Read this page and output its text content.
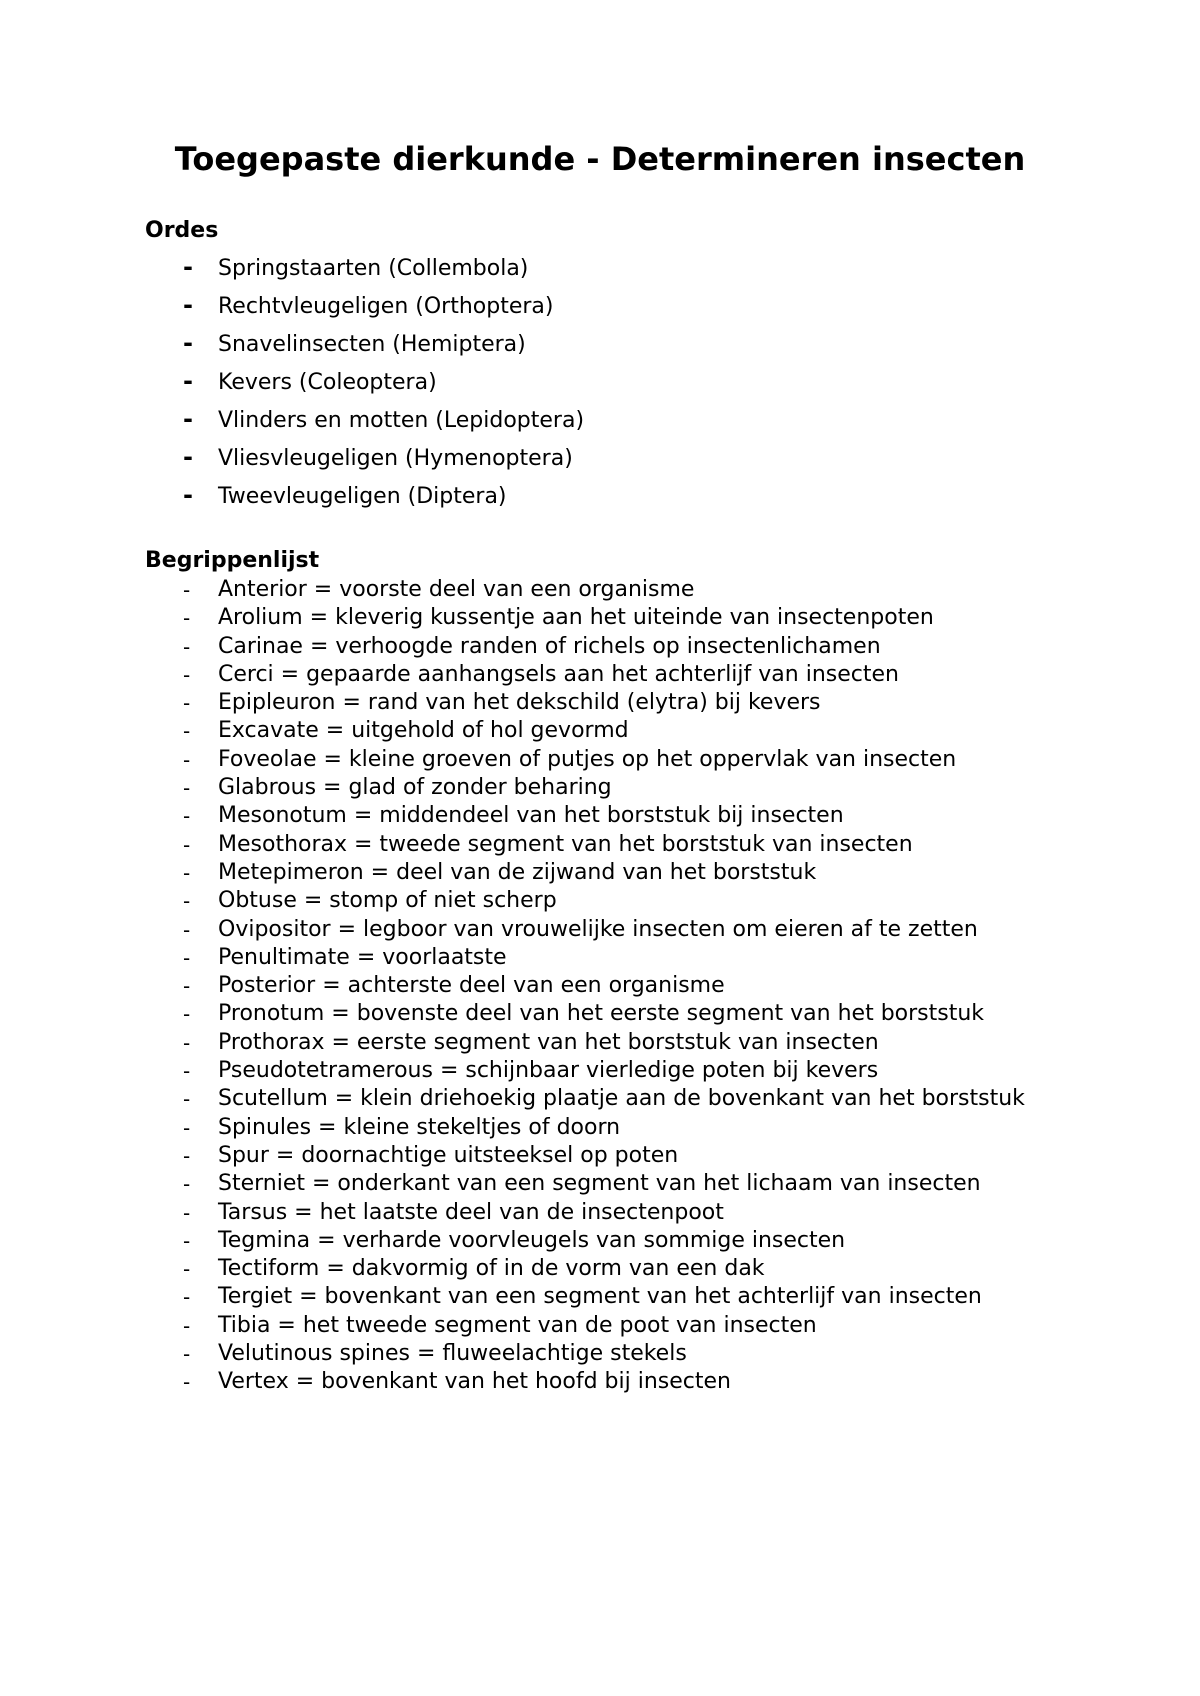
Toegepaste dierkunde - Determineren insecten
Ordes
- Springstaarten (Collembola)
- Rechtvleugeligen (Orthoptera)
- Snavelinsecten (Hemiptera)
- Kevers (Coleoptera)
- Vlinders en motten (Lepidoptera)
- Vliesvleugeligen (Hymenoptera)
- Tweevleugeligen (Diptera)
Begrippenlijst
- Anterior = voorste deel van een organisme
- Arolium = kleverig kussentje aan het uiteinde van insectenpoten
- Carinae = verhoogde randen of richels op insectenlichamen
- Cerci = gepaarde aanhangsels aan het achterlijf van insecten
- Epipleuron = rand van het dekschild (elytra) bij kevers
- Excavate = uitgehold of hol gevormd
- Foveolae = kleine groeven of putjes op het oppervlak van insecten
- Glabrous = glad of zonder beharing
- Mesonotum = middendeel van het borststuk bij insecten
- Mesothorax = tweede segment van het borststuk van insecten
- Metepimeron = deel van de zijwand van het borststuk
- Obtuse = stomp of niet scherp
- Ovipositor = legboor van vrouwelijke insecten om eieren af te zetten
- Penultimate = voorlaatste
- Posterior = achterste deel van een organisme
- Pronotum = bovenste deel van het eerste segment van het borststuk
- Prothorax = eerste segment van het borststuk van insecten
- Pseudotetramerous = schijnbaar vierledige poten bij kevers
- Scutellum = klein driehoekig plaatje aan de bovenkant van het borststuk
- Spinules = kleine stekeltjes of doorn
- Spur = doornachtige uitsteeksel op poten
- Sterniet = onderkant van een segment van het lichaam van insecten
- Tarsus = het laatste deel van de insectenpoot
- Tegmina = verharde voorvleugels van sommige insecten
- Tectiform = dakvormig of in de vorm van een dak
- Tergiet = bovenkant van een segment van het achterlijf van insecten
- Tibia = het tweede segment van de poot van insecten
- Velutinous spines = fluweelachtige stekels
- Vertex = bovenkant van het hoofd bij insecten
